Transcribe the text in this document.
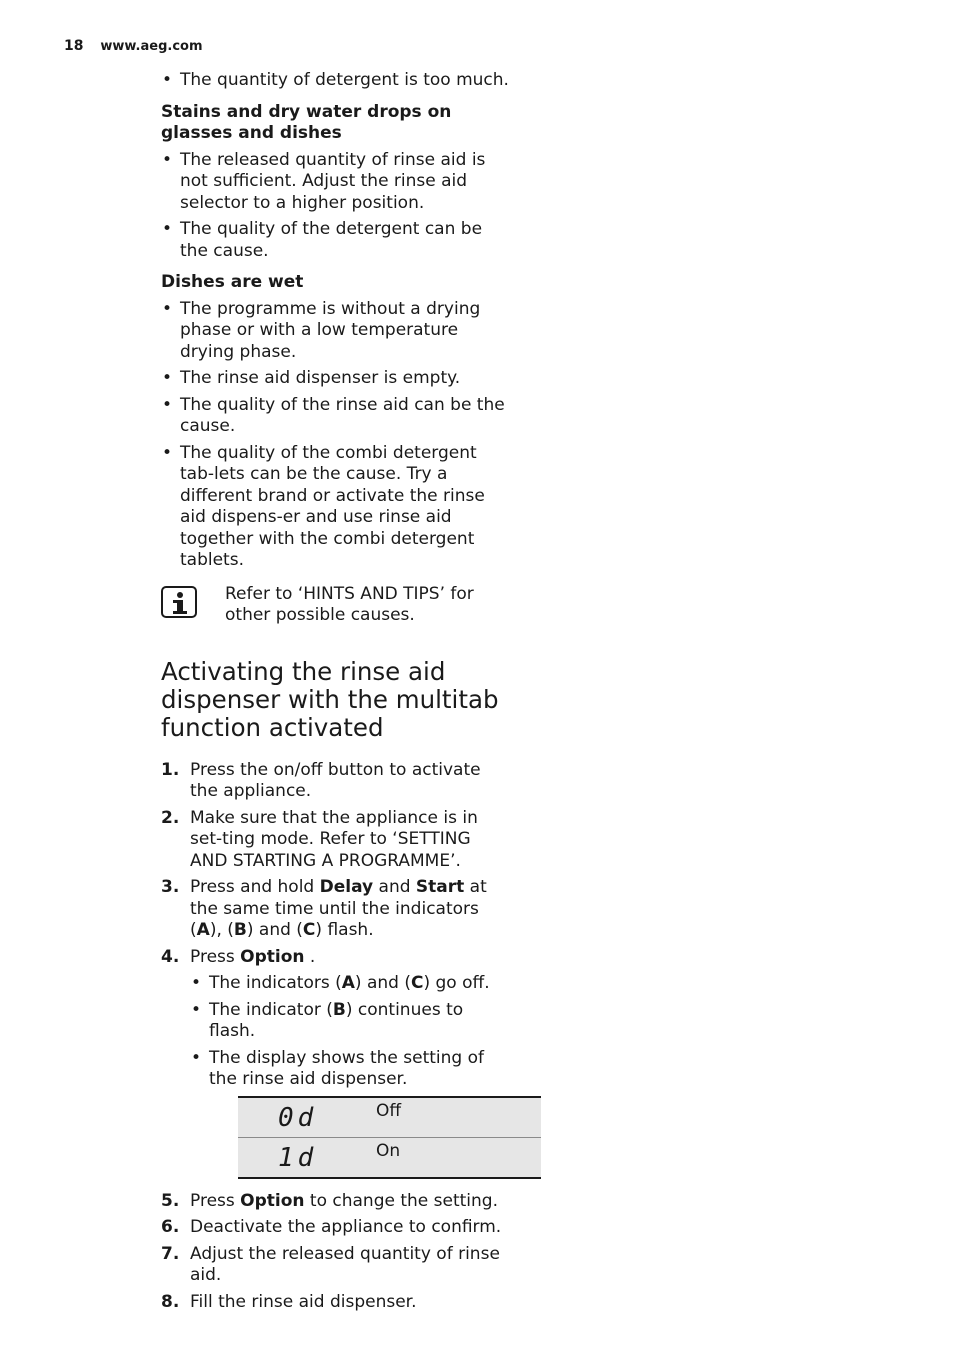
18 www.aeg.com
• The quantity of detergent is too much.
Stains and dry water drops on glasses and dishes
• The released quantity of rinse aid is not sufficient. Adjust the rinse aid selector to a higher position.
• The quality of the detergent can be the cause.
Dishes are wet
• The programme is without a drying phase or with a low temperature drying phase.
• The rinse aid dispenser is empty.
• The quality of the rinse aid can be the cause.
• The quality of the combi detergent tab-lets can be the cause. Try a different brand or activate the rinse aid dispens-er and use rinse aid together with the combi detergent tablets.
Refer to ‘HINTS AND TIPS’ for other possible causes.
Activating the rinse aid dispenser with the multitab function activated
1. Press the on/off button to activate the appliance.
2. Make sure that the appliance is in set-ting mode. Refer to ‘SETTING AND STARTING A PROGRAMME’.
3. Press and hold Delay and Start at the same time until the indicators (A), (B) and (C) flash.
4. Press Option .
• The indicators (A) and (C) go off.
• The indicator (B) continues to flash.
• The display shows the setting of the rinse aid dispenser.
0d	Off
1d	On
5. Press Option to change the setting.
6. Deactivate the appliance to confirm.
7. Adjust the released quantity of rinse aid.
8. Fill the rinse aid dispenser.
